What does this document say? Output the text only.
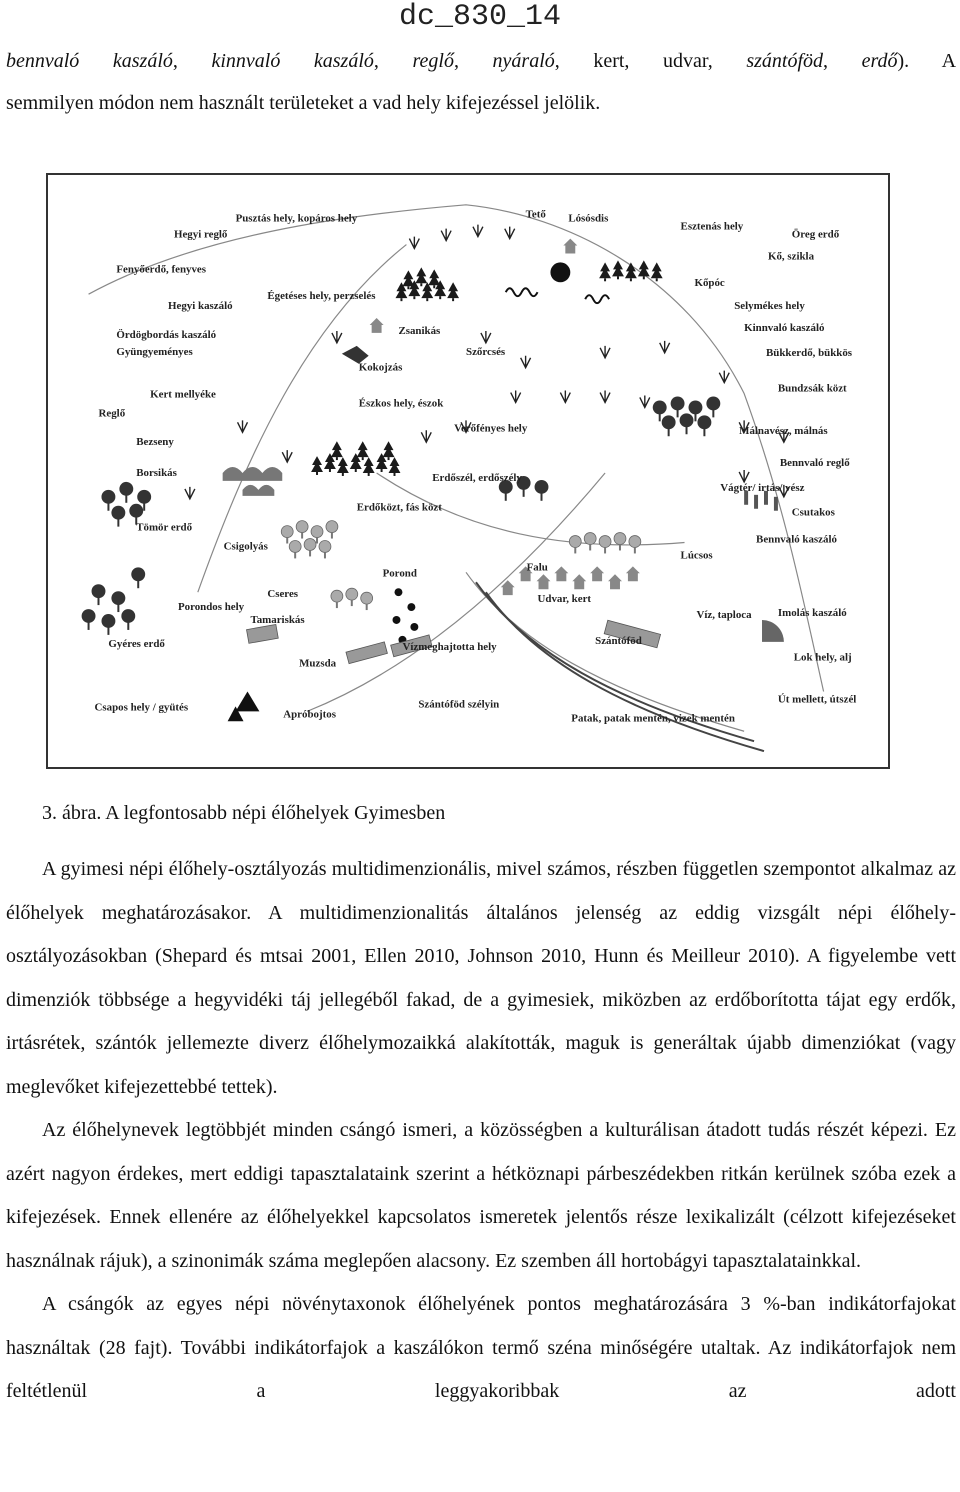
dc_830_14

bennvaló kaszáló, kinnvaló kaszáló, reglő, nyáraló, kert, udvar, szántóföd, erdő). A

semmilyen módon nem használt területeket a vad hely kifejezéssel jelölik.

Pusztás hely, kopáros hely	Tető Lósósdis
Esztenás hely
Öreg erdő
Hegyi reglő
Kő, szikla
Fenyőerdő, fenyves
Kőpóc
Égetéses hely, perzselés
Hegyi kaszáló	Selymékes hely
Zsanikás	Kinnvaló kaszáló
Ördögbordás kaszáló
Gyüngyeményes	Szőrcsés	Bükkerdő, bükkös
Kokojzás
Kert mellyéke	Bundzsák közt
Reglő
Észkos hely, észok
Verőfényes hely	Málnavész, málnás
Bezseny
Bennvaló reglő
Borsikás	Erdőszél, erdőszély
Vágtér/ irtás/ vész
Erdőközt, fás közt	Csutakos
Tömör erdő
Bennvaló kaszáló
Csigolyás
Lúcsos
Falu
Porond
Cseres	Udvar, kert
Porondos hely
Víz, taploca Imolás kaszáló
Tamariskás
Szántóföd
Gyéres erdő	Vízmeghajtotta hely
Lok hely, alj
Muzsda
Út mellett, útszél
Csapos hely / gyütés	Szántóföd szélyin
Apróbojtos	Patak, patak mentén, vizek mentén
3. ábra. A legfontosabb népi élőhelyek Gyimesben

A gyimesi népi élőhely-osztályozás multidimenzionális, mivel számos, részben független szempontot alkalmaz az élőhelyek meghatározásakor. A multidimenzionalitás általános jelenség az eddig vizsgált népi élőhely-osztályozásokban (Shepard és mtsai 2001, Ellen 2010, Johnson 2010, Hunn és Meilleur 2010). A figyelembe vett dimenziók többsége a hegyvidéki táj jellegéből fakad, de a gyimesiek, miközben az erdőborította tájat egy erdők, irtásrétek, szántók jellemezte diverz élőhelymozaikká alakították, maguk is generáltak újabb dimenziókat (vagy meglevőket kifejezettebbé tettek).

Az élőhelynevek legtöbbjét minden csángó ismeri, a közösségben a kulturálisan átadott tudás részét képezi. Ez azért nagyon érdekes, mert eddigi tapasztalataink szerint a hétköznapi párbeszédekben ritkán kerülnek szóba ezek a kifejezések. Ennek ellenére az élőhelyekkel kapcsolatos ismeretek jelentős része lexikalizált (célzott kifejezéseket használnak rájuk), a szinonimák száma meglepően alacsony. Ez szemben áll hortobágyi tapasztalatainkkal.

A csángók az egyes népi növénytaxonok élőhelyének pontos meghatározására 3 %-ban indikátorfajokat használtak (28 fajt). További indikátorfajok a kaszálókon termő széna minőségére utaltak. Az indikátorfajok nem feltétlenül a leggyakoribbak az adott
